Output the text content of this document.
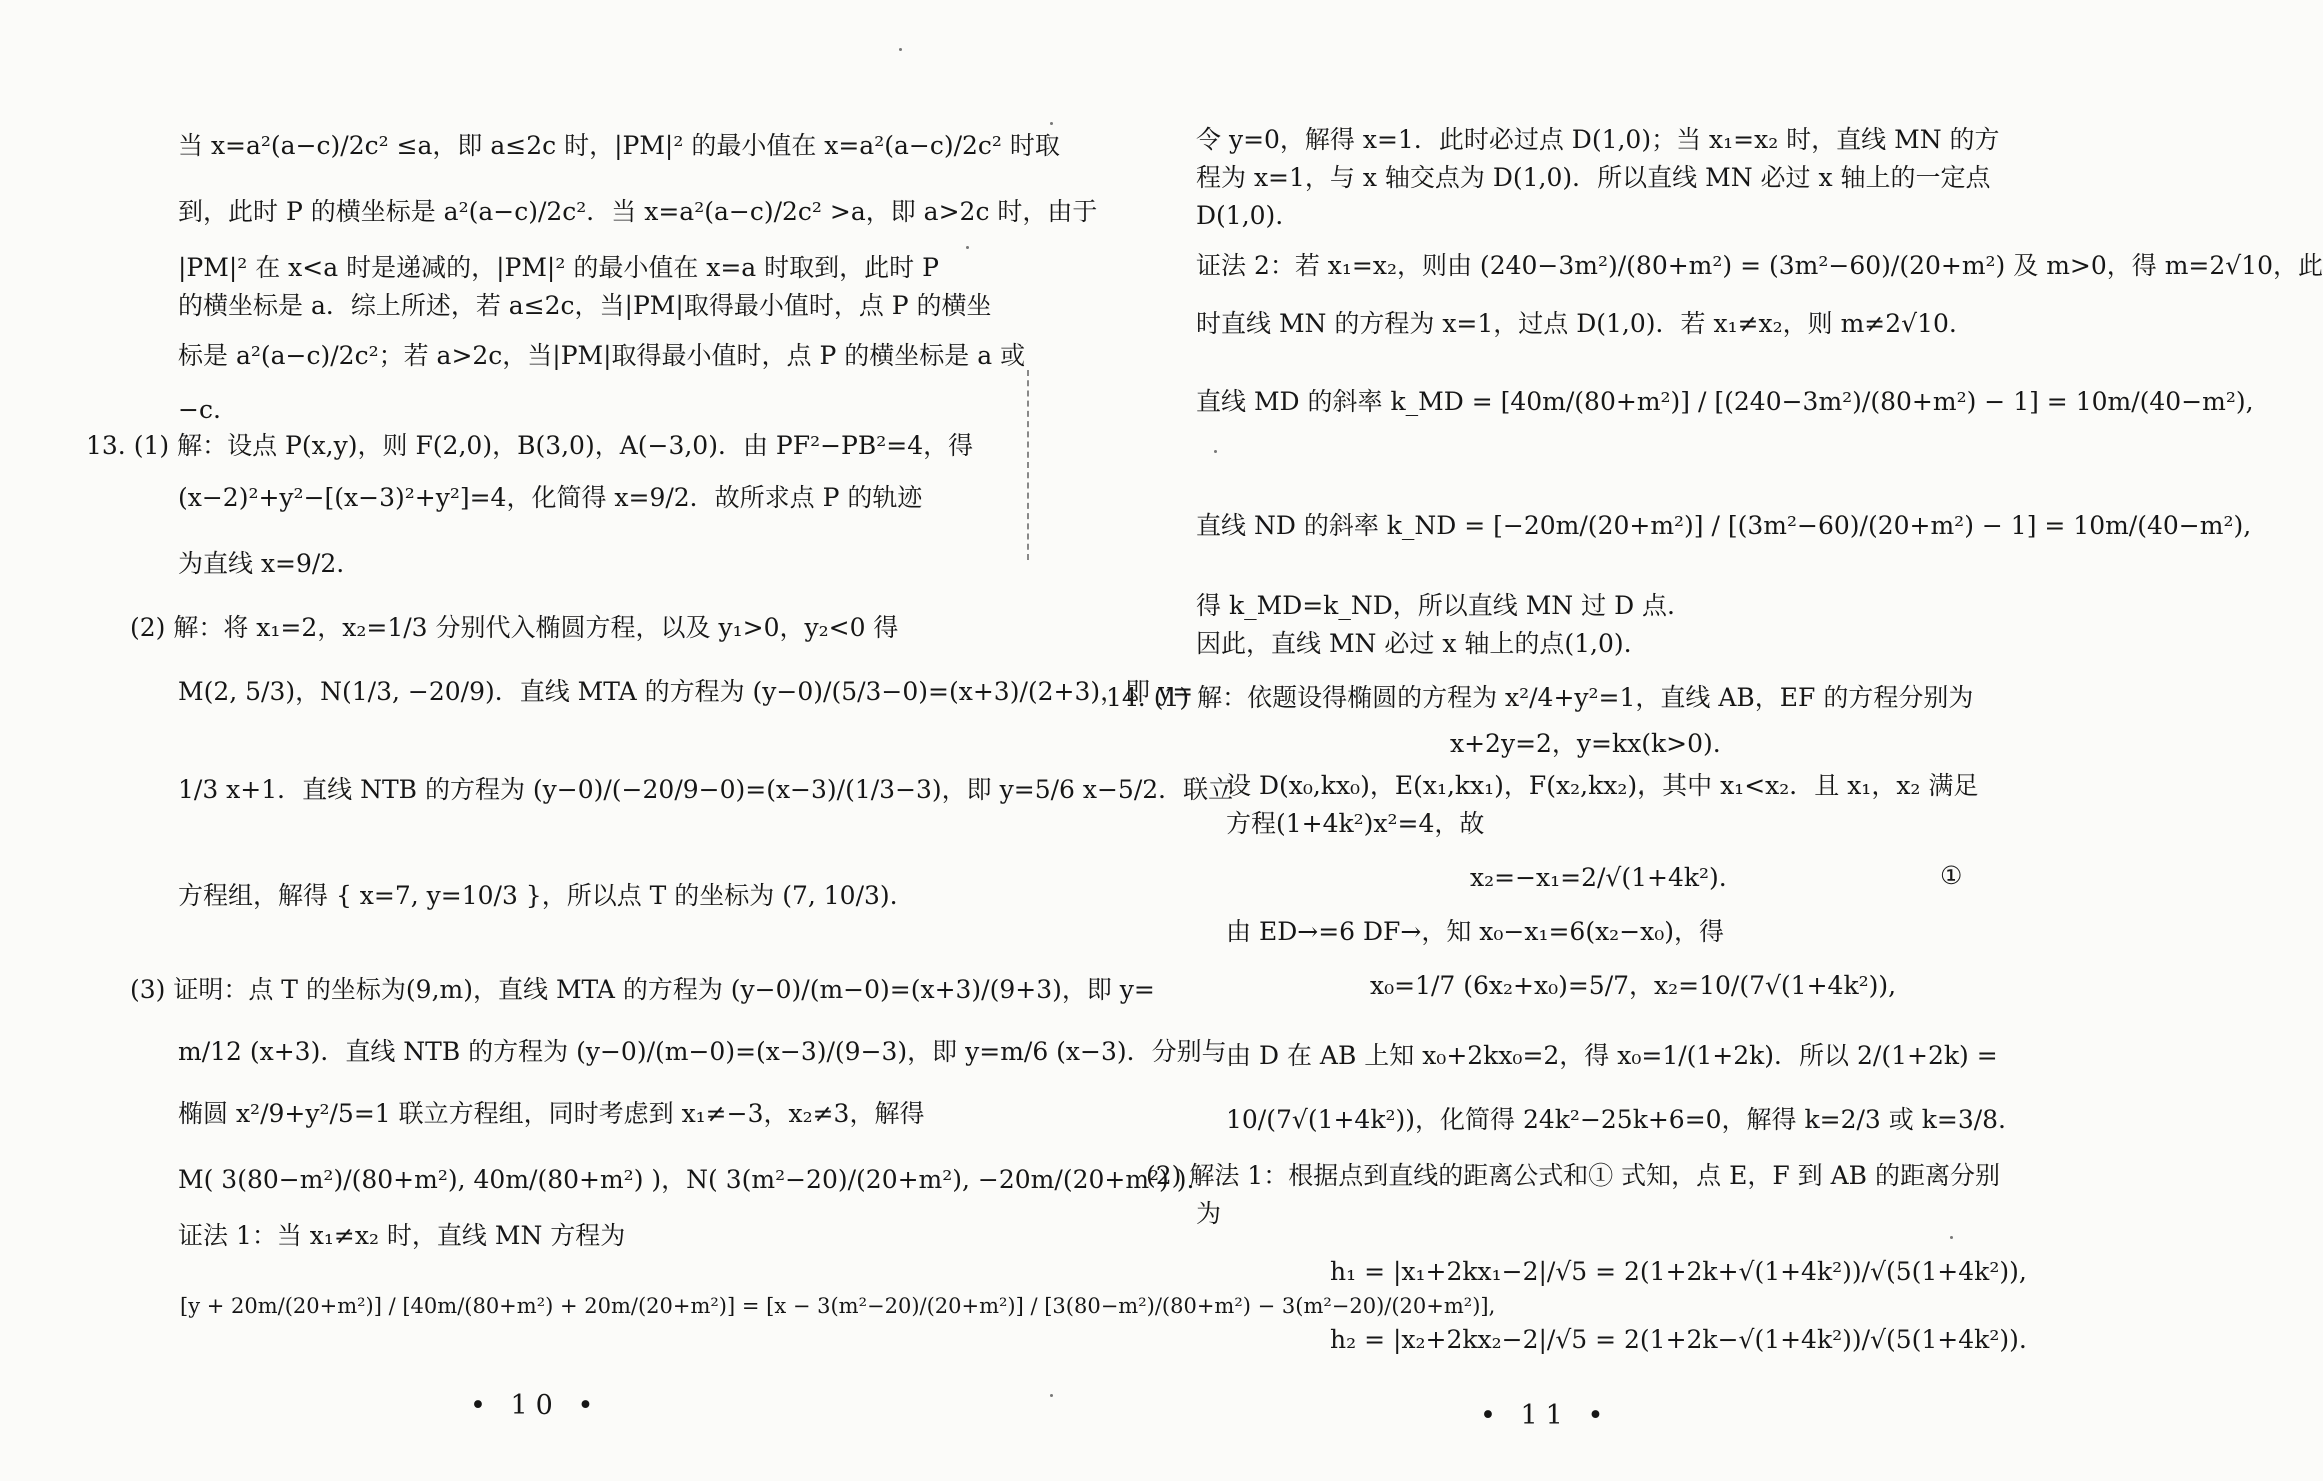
当 x=a²(a−c)/2c² ≤a，即 a≤2c 时，|PM|² 的最小值在 x=a²(a−c)/2c² 时取
到，此时 P 的横坐标是 a²(a−c)/2c²．当 x=a²(a−c)/2c² >a，即 a>2c 时，由于
|PM|² 在 x<a 时是递减的，|PM|² 的最小值在 x=a 时取到，此时 P
的横坐标是 a．综上所述，若 a≤2c，当|PM|取得最小值时，点 P 的横坐
标是 a²(a−c)/2c²；若 a>2c，当|PM|取得最小值时，点 P 的横坐标是 a 或
−c.
13. (1) 解：设点 P(x,y)，则 F(2,0)，B(3,0)，A(−3,0)．由 PF²−PB²=4，得
(x−2)²+y²−[(x−3)²+y²]=4，化简得 x=9/2．故所求点 P 的轨迹
为直线 x=9/2.
(2) 解：将 x₁=2，x₂=1/3 分别代入椭圆方程，以及 y₁>0，y₂<0 得
M(2, 5/3)，N(1/3, −20/9)．直线 MTA 的方程为 (y−0)/(5/3−0)=(x+3)/(2+3)，即 y=
1/3 x+1．直线 NTB 的方程为 (y−0)/(−20/9−0)=(x−3)/(1/3−3)，即 y=5/6 x−5/2．联立
方程组，解得 { x=7, y=10/3 }，所以点 T 的坐标为 (7, 10/3).
(3) 证明：点 T 的坐标为(9,m)，直线 MTA 的方程为 (y−0)/(m−0)=(x+3)/(9+3)，即 y=
m/12 (x+3)．直线 NTB 的方程为 (y−0)/(m−0)=(x−3)/(9−3)，即 y=m/6 (x−3)．分别与
椭圆 x²/9+y²/5=1 联立方程组，同时考虑到 x₁≠−3，x₂≠3，解得
M( 3(80−m²)/(80+m²), 40m/(80+m²) )，N( 3(m²−20)/(20+m²), −20m/(20+m²) ).
证法 1：当 x₁≠x₂ 时，直线 MN 方程为
[y + 20m/(20+m²)] / [40m/(80+m²) + 20m/(20+m²)] = [x − 3(m²−20)/(20+m²)] / [3(80−m²)/(80+m²) − 3(m²−20)/(20+m²)],
• 10 •
令 y=0，解得 x=1．此时必过点 D(1,0)；当 x₁=x₂ 时，直线 MN 的方
程为 x=1，与 x 轴交点为 D(1,0)．所以直线 MN 必过 x 轴上的一定点
D(1,0).
证法 2：若 x₁=x₂，则由 (240−3m²)/(80+m²) = (3m²−60)/(20+m²) 及 m>0，得 m=2√10，此
时直线 MN 的方程为 x=1，过点 D(1,0)．若 x₁≠x₂，则 m≠2√10.
直线 MD 的斜率 k_MD = [40m/(80+m²)] / [(240−3m²)/(80+m²) − 1] = 10m/(40−m²),
直线 ND 的斜率 k_ND = [−20m/(20+m²)] / [(3m²−60)/(20+m²) − 1] = 10m/(40−m²),
得 k_MD=k_ND，所以直线 MN 过 D 点.
因此，直线 MN 必过 x 轴上的点(1,0).
14. (1) 解：依题设得椭圆的方程为 x²/4+y²=1，直线 AB，EF 的方程分别为
x+2y=2，y=kx(k>0).
设 D(x₀,kx₀)，E(x₁,kx₁)，F(x₂,kx₂)，其中 x₁<x₂．且 x₁，x₂ 满足
方程(1+4k²)x²=4，故
x₂=−x₁=2/√(1+4k²).	①
由 ED→=6 DF→，知 x₀−x₁=6(x₂−x₀)，得
x₀=1/7 (6x₂+x₀)=5/7，x₂=10/(7√(1+4k²)),
由 D 在 AB 上知 x₀+2kx₀=2，得 x₀=1/(1+2k)．所以 2/(1+2k) =
10/(7√(1+4k²))，化简得 24k²−25k+6=0，解得 k=2/3 或 k=3/8.
(2) 解法 1：根据点到直线的距离公式和① 式知，点 E，F 到 AB 的距离分别
为
h₁ = |x₁+2kx₁−2|/√5 = 2(1+2k+√(1+4k²))/√(5(1+4k²)),
h₂ = |x₂+2kx₂−2|/√5 = 2(1+2k−√(1+4k²))/√(5(1+4k²)).
• 11 •
